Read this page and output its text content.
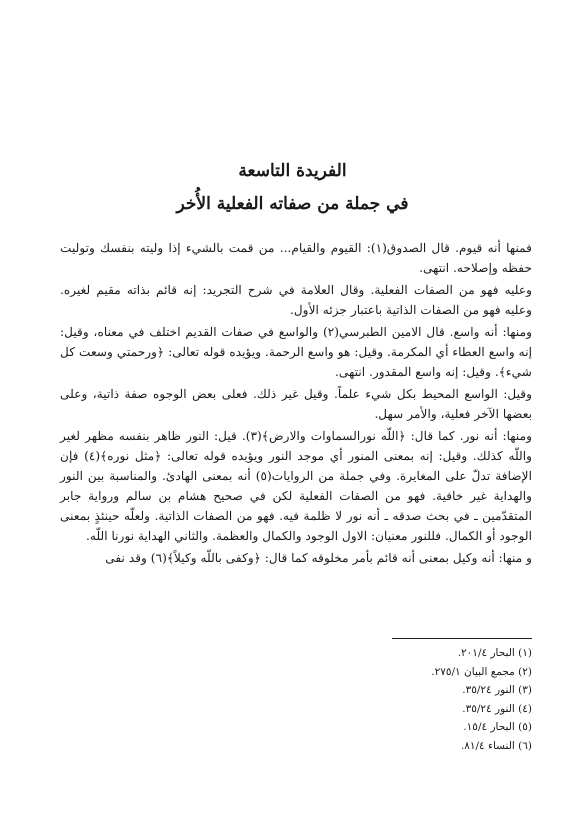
الفريدة التاسعة
في جملة من صفاته الفعلية الأُخر

فمنها أنه قيوم. قال الصدوق(١): القيوم والقيام... من قمت بالشيء إذا وليته بنفسك وتوليت حفظه وإصلاحه. انتهى.

وعليه فهو من الصفات الفعلية. وقال العلامة في شرح التجريد: إنه قائم بذاته مقيم لغيره. وعليه فهو من الصفات الذاتية باعتبار جزئه الأول.

ومنها: أنه واسع. قال الامين الطبرسي(٢) والواسع في صفات القديم اختلف في معناه، وقيل: إنه واسع العطاء أي المكرمة. وقيل: هو واسع الرحمة. ويؤيده قوله تعالى: ﴿ورحمتي وسعت كل شيء﴾. وقيل: إنه واسع المقدور. انتهى.

وقيل: الواسع المحيط بكل شيء علماً. وقيل غير ذلك. فعلى بعض الوجوه صفة ذاتية، وعلى بعضها الآخر فعلية، والأمر سهل.

ومنها: أنه نور. كما قال: ﴿اللّه نورالسماوات والارض﴾(٣). قيل: النور ظاهر بنفسه مظهر لغير واللّه كذلك. وقيل: إنه بمعنى المنور أي موجد النور ويؤيده قوله تعالى: ﴿مثل نوره﴾(٤) فإن الإضافة تدلّ على المغايرة. وفي جملة من الروايات(٥) أنه بمعنى الهادئ. والمناسبة بين النور والهداية غير خافية. فهو من الصفات الفعلية لكن في صحيح هشام بن سالم ورواية جابر المتقدّمين ـ في بحث صدقه ـ أنه نور لا ظلمة فيه. فهو من الصفات الذاتية. ولعلّه حينئذٍ بمعنى الوجود أو الكمال. فللنور معنيان: الاول الوجود والكمال والعظمة. والثاني الهداية نورنا اللّه.

و منها: أنه وكيل بمعنى أنه قائم بأمر مخلوقه كما قال: ﴿وكفى باللّه وكيلاً﴾(٦) وقد نفى

(١) البحار ٢٠١/٤.
(٢) مجمع البيان ٢٧٥/١.
(٣) النور ٣٥/٢٤.
(٤) النور ٣٥/٢٤.
(٥) البحار ١٥/٤.
(٦) النساء ٨١/٤.
